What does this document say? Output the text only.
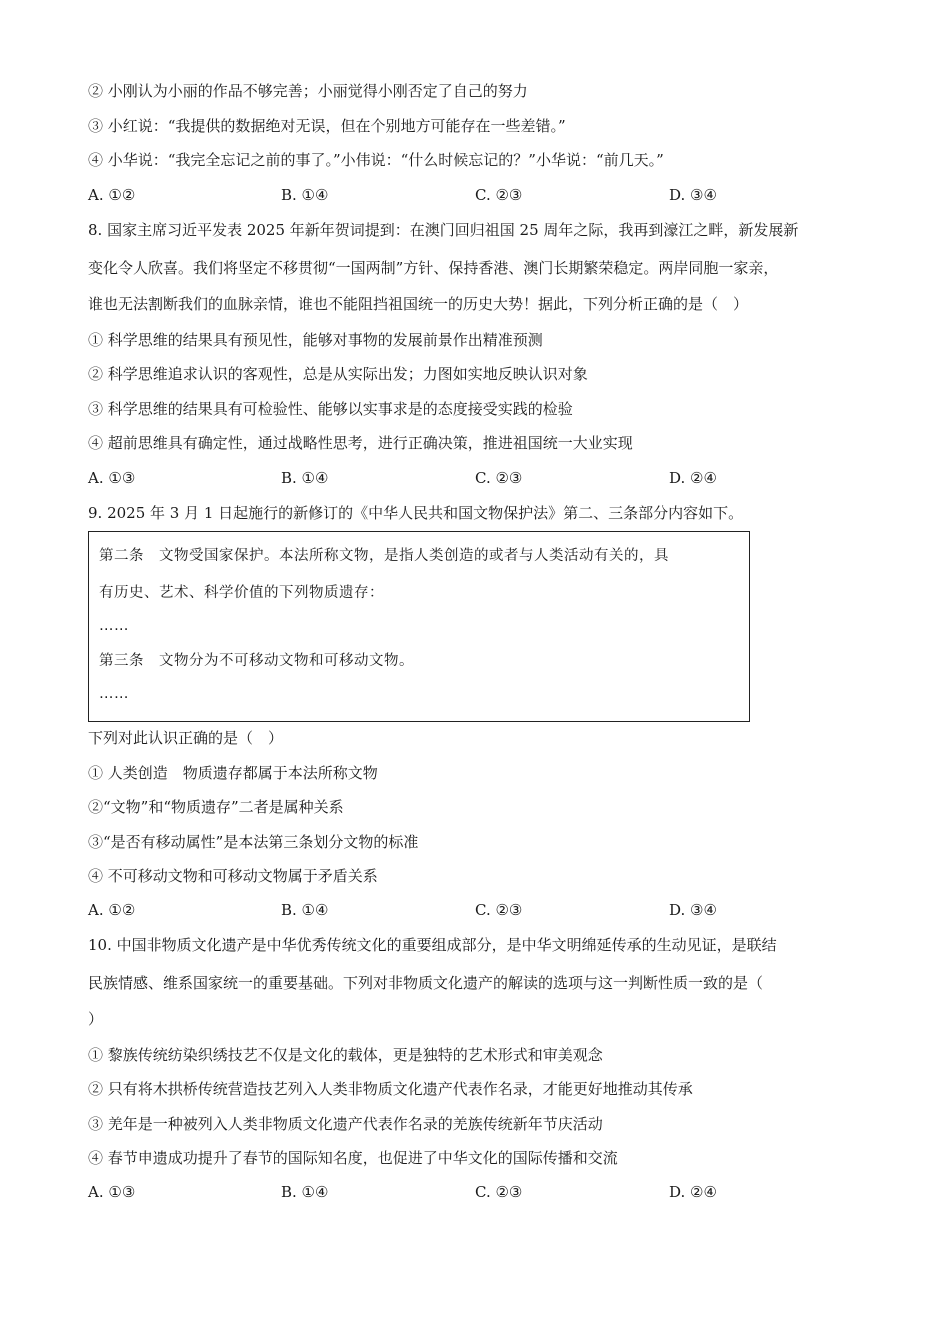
② 小刚认为小丽的作品不够完善；小丽觉得小刚否定了自己的努力
③ 小红说：“我提供的数据绝对无误，但在个别地方可能存在一些差错。”
④ 小华说：“我完全忘记之前的事了。”小伟说：“什么时候忘记的？”小华说：“前几天。”
A. ①②	B. ①④	C. ②③	D. ③④
8. 国家主席习近平发表 2025 年新年贺词提到：在澳门回归祖国 25 周年之际，我再到濠江之畔，新发展新
变化令人欣喜。我们将坚定不移贯彻“一国两制”方针、保持香港、澳门长期繁荣稳定。两岸同胞一家亲，
谁也无法割断我们的血脉亲情，谁也不能阻挡祖国统一的历史大势！据此，下列分析正确的是（　）
① 科学思维的结果具有预见性，能够对事物的发展前景作出精准预测
② 科学思维追求认识的客观性，总是从实际出发；力图如实地反映认识对象
③ 科学思维的结果具有可检验性、能够以实事求是的态度接受实践的检验
④ 超前思维具有确定性，通过战略性思考，进行正确决策，推进祖国统一大业实现
A. ①③	B. ①④	C. ②③	D. ②④
9. 2025 年 3 月 1 日起施行的新修订的《中华人民共和国文物保护法》第二、三条部分内容如下。
第二条　文物受国家保护。本法所称文物，是指人类创造的或者与人类活动有关的，具
有历史、艺术、科学价值的下列物质遗存：
……
第三条　文物分为不可移动文物和可移动文物。
……
下列对此认识正确的是（　）
① 人类创造　物质遗存都属于本法所称文物
②“文物”和“物质遗存”二者是属种关系
③“是否有移动属性”是本法第三条划分文物的标准
④ 不可移动文物和可移动文物属于矛盾关系
A. ①②	B. ①④	C. ②③	D. ③④
10. 中国非物质文化遗产是中华优秀传统文化的重要组成部分，是中华文明绵延传承的生动见证，是联结
民族情感、维系国家统一的重要基础。下列对非物质文化遗产的解读的选项与这一判断性质一致的是（
）
① 黎族传统纺染织绣技艺不仅是文化的载体，更是独特的艺术形式和审美观念
② 只有将木拱桥传统营造技艺列入人类非物质文化遗产代表作名录，才能更好地推动其传承
③ 羌年是一种被列入人类非物质文化遗产代表作名录的羌族传统新年节庆活动
④ 春节申遗成功提升了春节的国际知名度，也促进了中华文化的国际传播和交流
A. ①③	B. ①④	C. ②③	D. ②④
